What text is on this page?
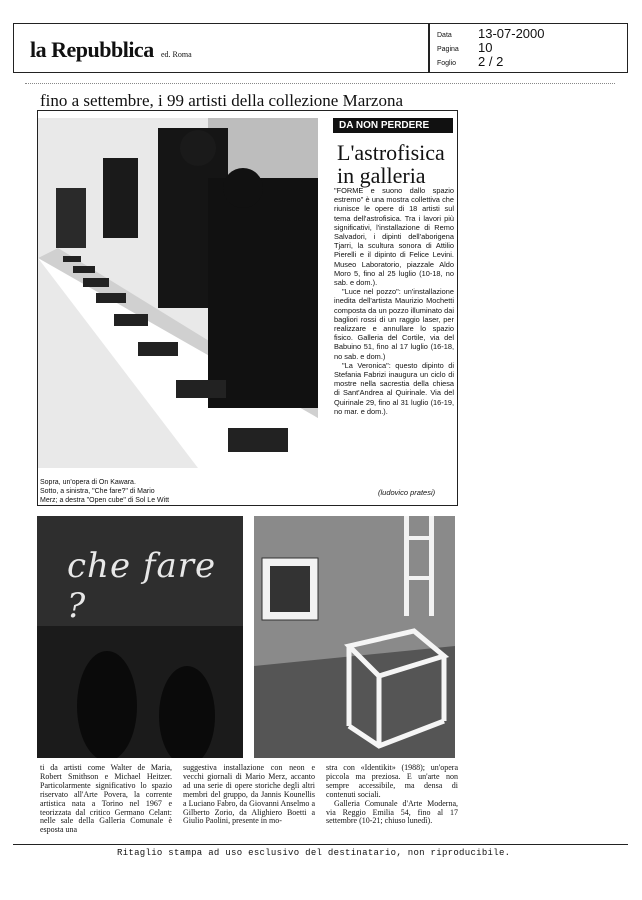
la Repubblica ed. Roma
Data 13-07-2000
Pagina 10
Foglio 2 / 2
fino a settembre, i 99 artisti della collezione Marzona
Sopra, un'opera di On Kawara.
Sotto, a sinistra, "Che fare?" di Mario
Merz; a destra "Open cube" di Sol Le Witt
DA NON PERDERE
L'astrofisica
in galleria

"FORME e suono dallo spazio estremo" è una mostra collettiva che riunisce le opere di 18 artisti sul tema dell'astrofisica. Tra i lavori più significativi, l'installazione di Remo Salvadori, i dipinti dell'aborigena Tjarri, la scultura sonora di Attilio Pierelli e il dipinto di Felice Levini. Museo Laboratorio, piazzale Aldo Moro 5, fino al 25 luglio (10-18, no sab. e dom.).

"Luce nel pozzo": un'installazione inedita dell'artista Maurizio Mochetti composta da un pozzo illuminato dai bagliori rossi di un raggio laser, per realizzare e annullare lo spazio fisico. Galleria del Cortile, via del Babuino 51, fino al 17 luglio (16-18, no sab. e dom.)

"La Veronica": questo dipinto di Stefania Fabrizi inaugura un ciclo di mostre nella sacrestia della chiesa di Sant'Andrea al Quirinale. Via del Quirinale 29, fino al 31 luglio (16-19, no mar. e dom.).

(ludovico pratesi)
che fare ?

ti da artisti come Walter de Maria, Robert Smithson e Michael Heitzer. Particolarmente significativo lo spazio riservato all'Arte Povera, la corrente artistica nata a Torino nel 1967 e teorizzata dal critico Germano Celant: nelle sale della Galleria Comunale è esposta una

suggestiva installazione con neon e vecchi giornali di Mario Merz, accanto ad una serie di opere storiche degli altri membri del gruppo, da Jannis Kounellis a Luciano Fabro, da Giovanni Anselmo a Gilberto Zorio, da Alighiero Boetti a Giulio Paolini, presente in mo-

stra con «Identikit» (1988); un'opera piccola ma preziosa. E un'arte non sempre accessibile, ma densa di contenuti sociali.

Galleria Comunale d'Arte Moderna, via Reggio Emilia 54, fino al 17 settembre (10-21; chiuso lunedì).

Ritaglio stampa ad uso esclusivo del destinatario, non riproducibile.
